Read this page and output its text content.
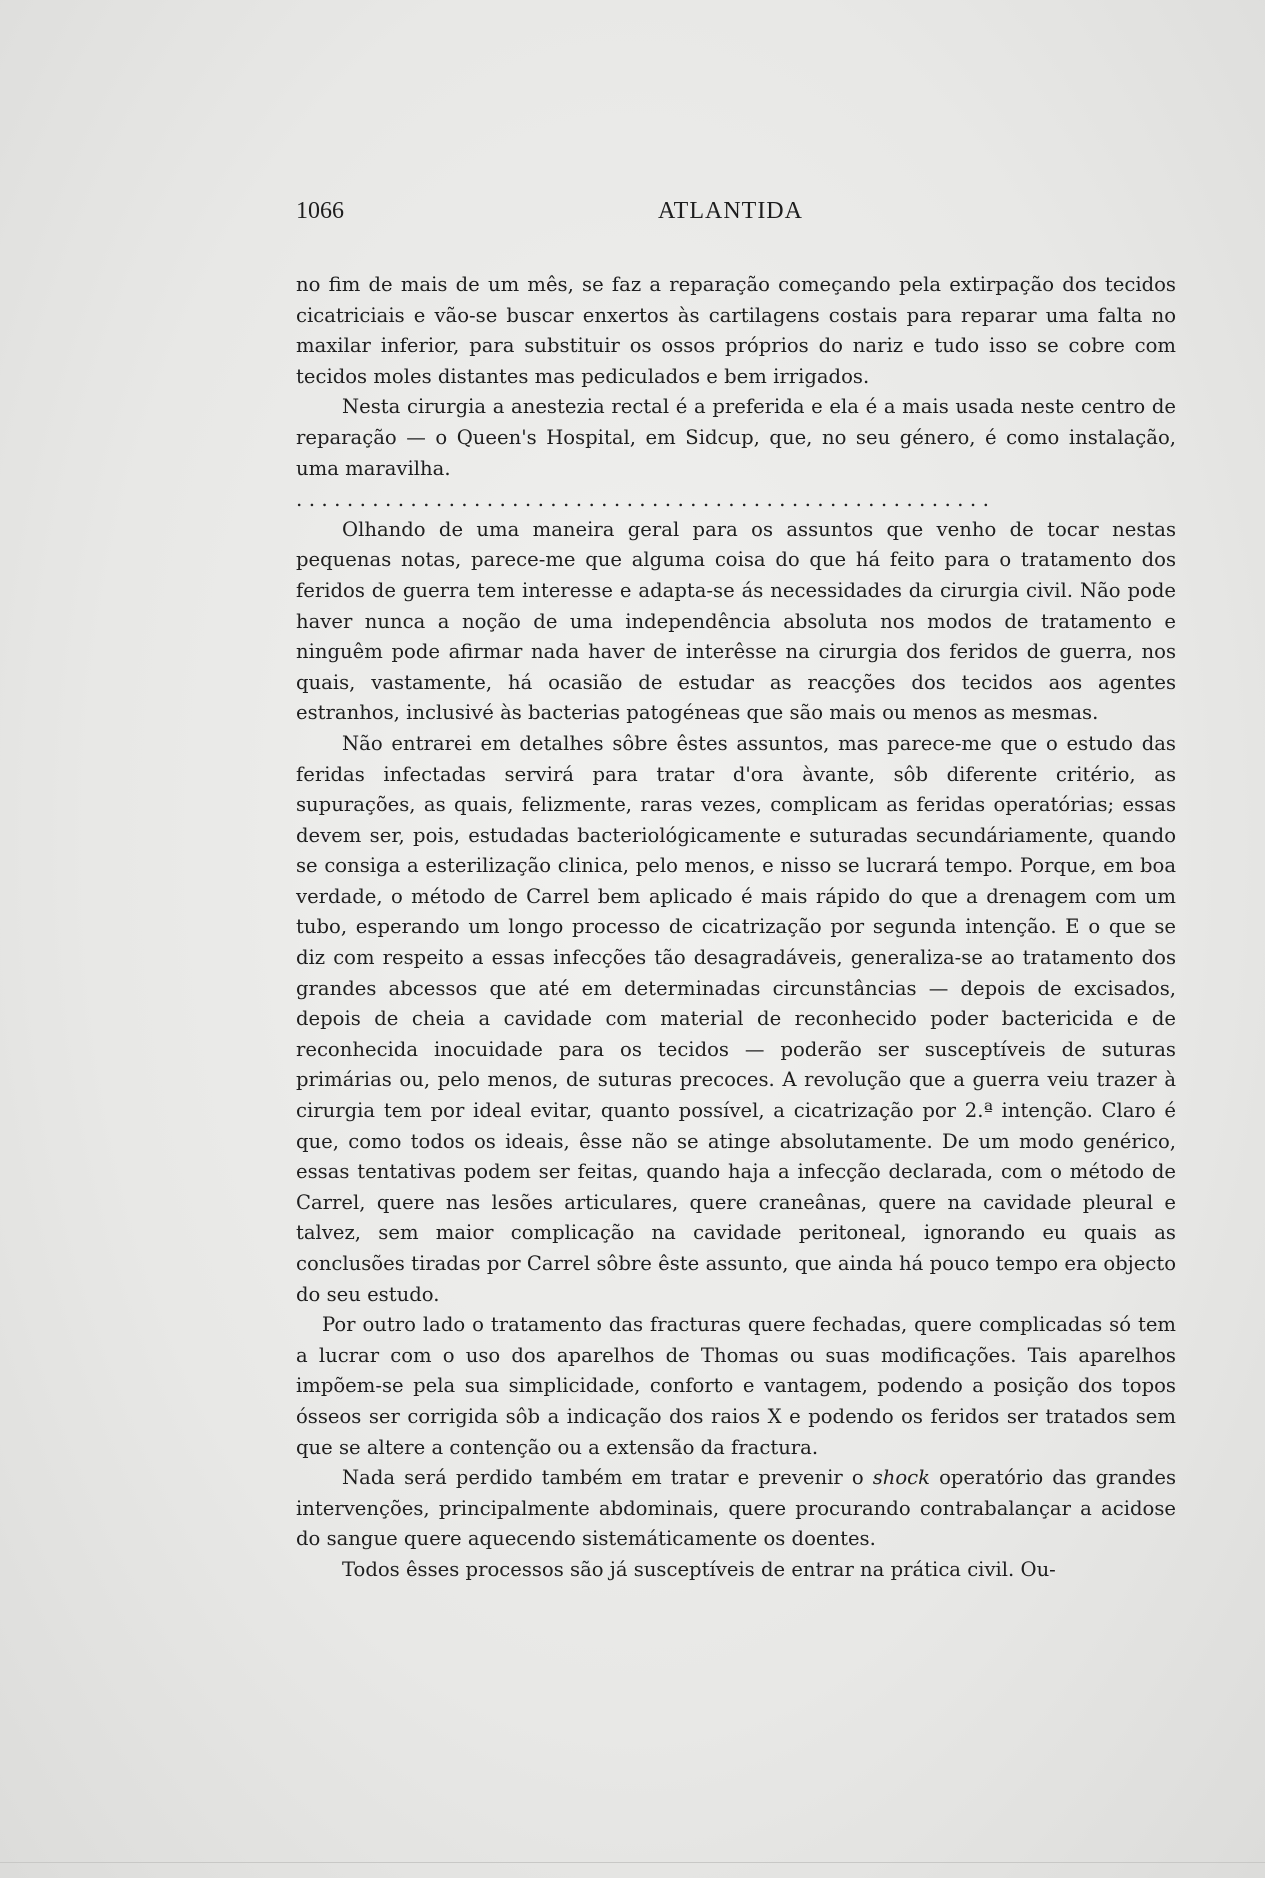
1066	ATLANTIDA

no fim de mais de um mês, se faz a reparação começando pela extirpação dos tecidos cicatriciais e vão-se buscar enxertos às cartilagens costais para reparar uma falta no maxilar inferior, para substituir os ossos próprios do nariz e tudo isso se cobre com tecidos moles distantes mas pediculados e bem irrigados.

Nesta cirurgia a anestezia rectal é a preferida e ela é a mais usada neste centro de reparação — o Queen's Hospital, em Sidcup, que, no seu género, é como instalação, uma maravilha.

. . . . . . . . . . . . . . . . . . . . . . . . . . . . . . . . . . . . . . . . . . . . . . . . . . . . . . .

Olhando de uma maneira geral para os assuntos que venho de tocar nestas pequenas notas, parece-me que alguma coisa do que há feito para o tratamento dos feridos de guerra tem interesse e adapta-se ás necessidades da cirurgia civil. Não pode haver nunca a noção de uma independência absoluta nos modos de tratamento e ninguêm pode afirmar nada haver de interêsse na cirurgia dos feridos de guerra, nos quais, vastamente, há ocasião de estudar as reacções dos tecidos aos agentes estranhos, inclusivé às bacterias patogéneas que são mais ou menos as mesmas.

Não entrarei em detalhes sôbre êstes assuntos, mas parece-me que o estudo das feridas infectadas servirá para tratar d'ora àvante, sôb diferente critério, as supurações, as quais, felizmente, raras vezes, complicam as feridas operatórias; essas devem ser, pois, estudadas bacteriológicamente e suturadas secundáriamente, quando se consiga a esterilização clinica, pelo menos, e nisso se lucrará tempo. Porque, em boa verdade, o método de Carrel bem aplicado é mais rápido do que a drenagem com um tubo, esperando um longo processo de cicatrização por segunda intenção. E o que se diz com respeito a essas infecções tão desagradáveis, generaliza-se ao tratamento dos grandes abcessos que até em determinadas circunstâncias — depois de excisados, depois de cheia a cavidade com material de reconhecido poder bactericida e de reconhecida inocuidade para os tecidos — poderão ser susceptíveis de suturas primárias ou, pelo menos, de suturas precoces. A revolução que a guerra veiu trazer à cirurgia tem por ideal evitar, quanto possível, a cicatrização por 2.ª intenção. Claro é que, como todos os ideais, êsse não se atinge absolutamente. De um modo genérico, essas tentativas podem ser feitas, quando haja a infecção declarada, com o método de Carrel, quere nas lesões articulares, quere craneânas, quere na cavidade pleural e talvez, sem maior complicação na cavidade peritoneal, ignorando eu quais as conclusões tiradas por Carrel sôbre êste assunto, que ainda há pouco tempo era objecto do seu estudo.

Por outro lado o tratamento das fracturas quere fechadas, quere complicadas só tem a lucrar com o uso dos aparelhos de Thomas ou suas modificações. Tais aparelhos impõem-se pela sua simplicidade, conforto e vantagem, podendo a posição dos topos ósseos ser corrigida sôb a indicação dos raios X e podendo os feridos ser tratados sem que se altere a contenção ou a extensão da fractura.

Nada será perdido também em tratar e prevenir o shock operatório das grandes intervenções, principalmente abdominais, quere procurando contrabalançar a acidose do sangue quere aquecendo sistemáticamente os doentes.

Todos êsses processos são já susceptíveis de entrar na prática civil. Ou-
